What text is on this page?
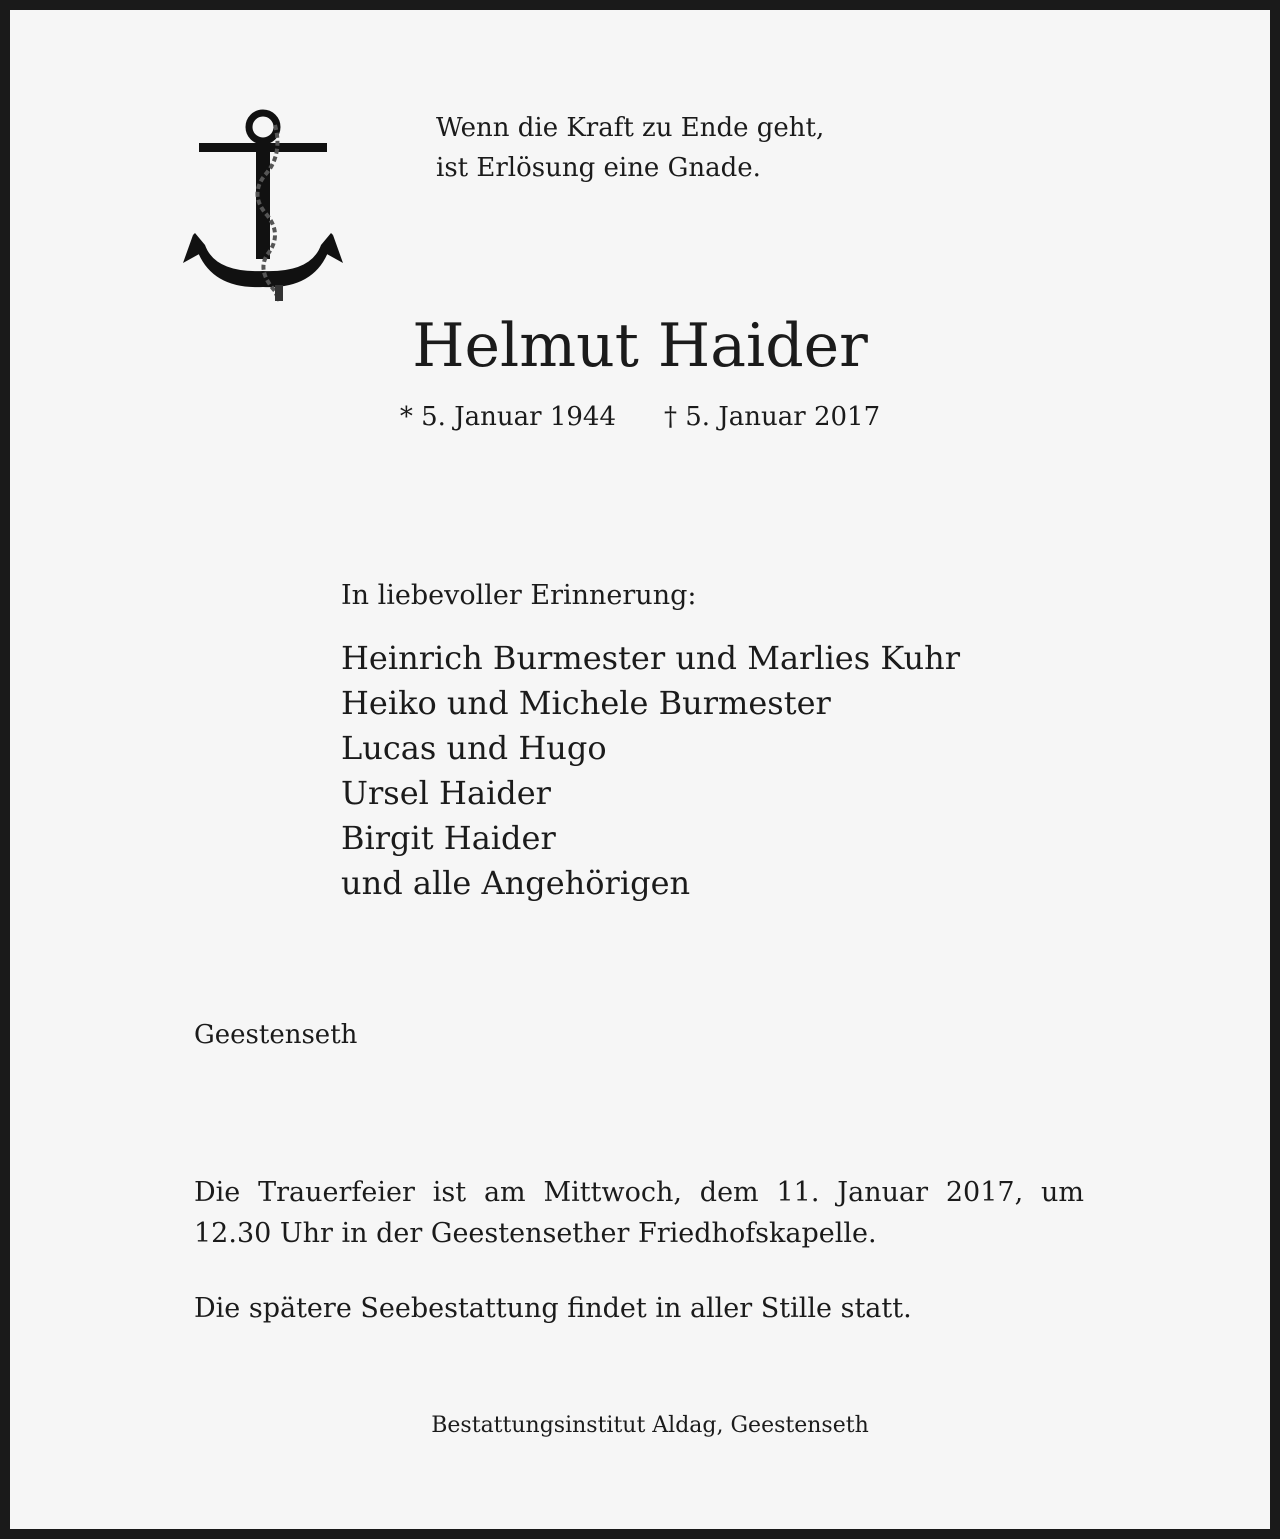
Wenn die Kraft zu Ende geht,
ist Erlösung eine Gnade.
Helmut Haider
* 5. Januar 1944 † 5. Januar 2017
In liebevoller Erinnerung:
Heinrich Burmester und Marlies Kuhr
Heiko und Michele Burmester
Lucas und Hugo
Ursel Haider
Birgit Haider
und alle Angehörigen
Geestenseth
Die Trauerfeier ist am Mittwoch, dem 11. Januar 2017, um 12.30 Uhr in der Geestensether Friedhofskapelle.
Die spätere Seebestattung findet in aller Stille statt.
Bestattungsinstitut Aldag, Geestenseth
